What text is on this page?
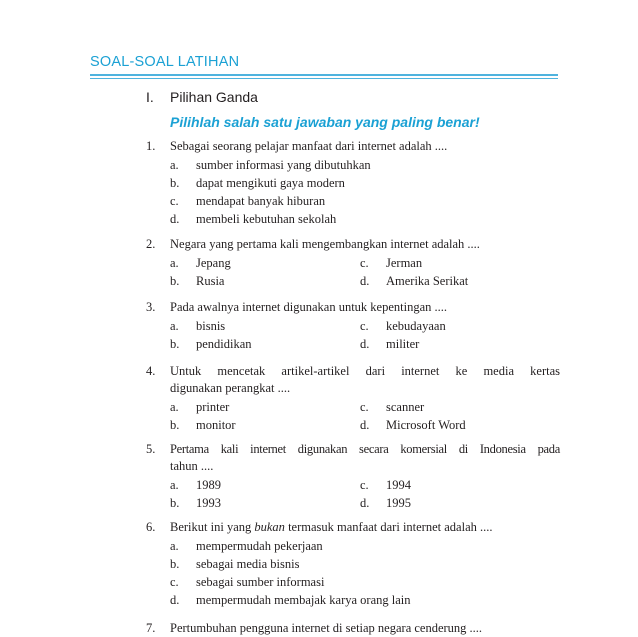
SOAL-SOAL LATIHAN
I. Pilihan Ganda
Pilihlah salah satu jawaban yang paling benar!
1. Sebagai seorang pelajar manfaat dari internet adalah ....
a. sumber informasi yang dibutuhkan
b. dapat mengikuti gaya modern
c. mendapat banyak hiburan
d. membeli kebutuhan sekolah
2. Negara yang pertama kali mengembangkan internet adalah ....
a. Jepang	c. Jerman
b. Rusia	d. Amerika Serikat
3. Pada awalnya internet digunakan untuk kepentingan ....
a. bisnis	c. kebudayaan
b. pendidikan	d. militer
4. Untuk mencetak artikel-artikel dari internet ke media kertas
digunakan perangkat ....
a. printer	c. scanner
b. monitor	d. Microsoft Word
5. Pertama kali internet digunakan secara komersial di Indonesia pada
tahun ....
a. 1989	c. 1994
b. 1993	d. 1995
6. Berikut ini yang bukan termasuk manfaat dari internet adalah ....
a. mempermudah pekerjaan
b. sebagai media bisnis
c. sebagai sumber informasi
d. mempermudah membajak karya orang lain
7. Pertumbuhan pengguna internet di setiap negara cenderung ....
